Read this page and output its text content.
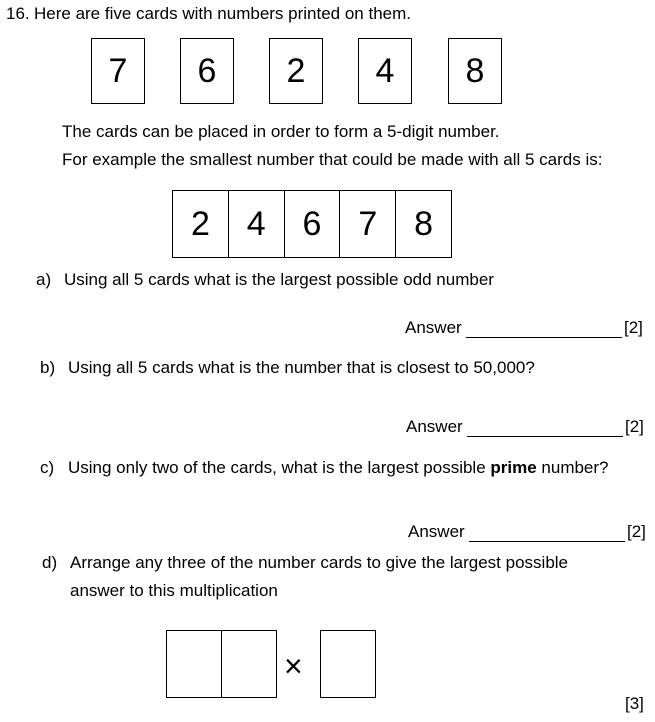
16. Here are five cards with numbers printed on them.
7	6	2	4	8
The cards can be placed in order to form a 5-digit number.
For example the smallest number that could be made with all 5 cards is:
2	4	6	7	8
a) Using all 5 cards what is the largest possible odd number
Answer	[2]
b) Using all 5 cards what is the number that is closest to 50,000?
Answer	[2]
c) Using only two of the cards, what is the largest possible prime number?
Answer	[2]
d) Arrange any three of the number cards to give the largest possible
answer to this multiplication
×
[3]
